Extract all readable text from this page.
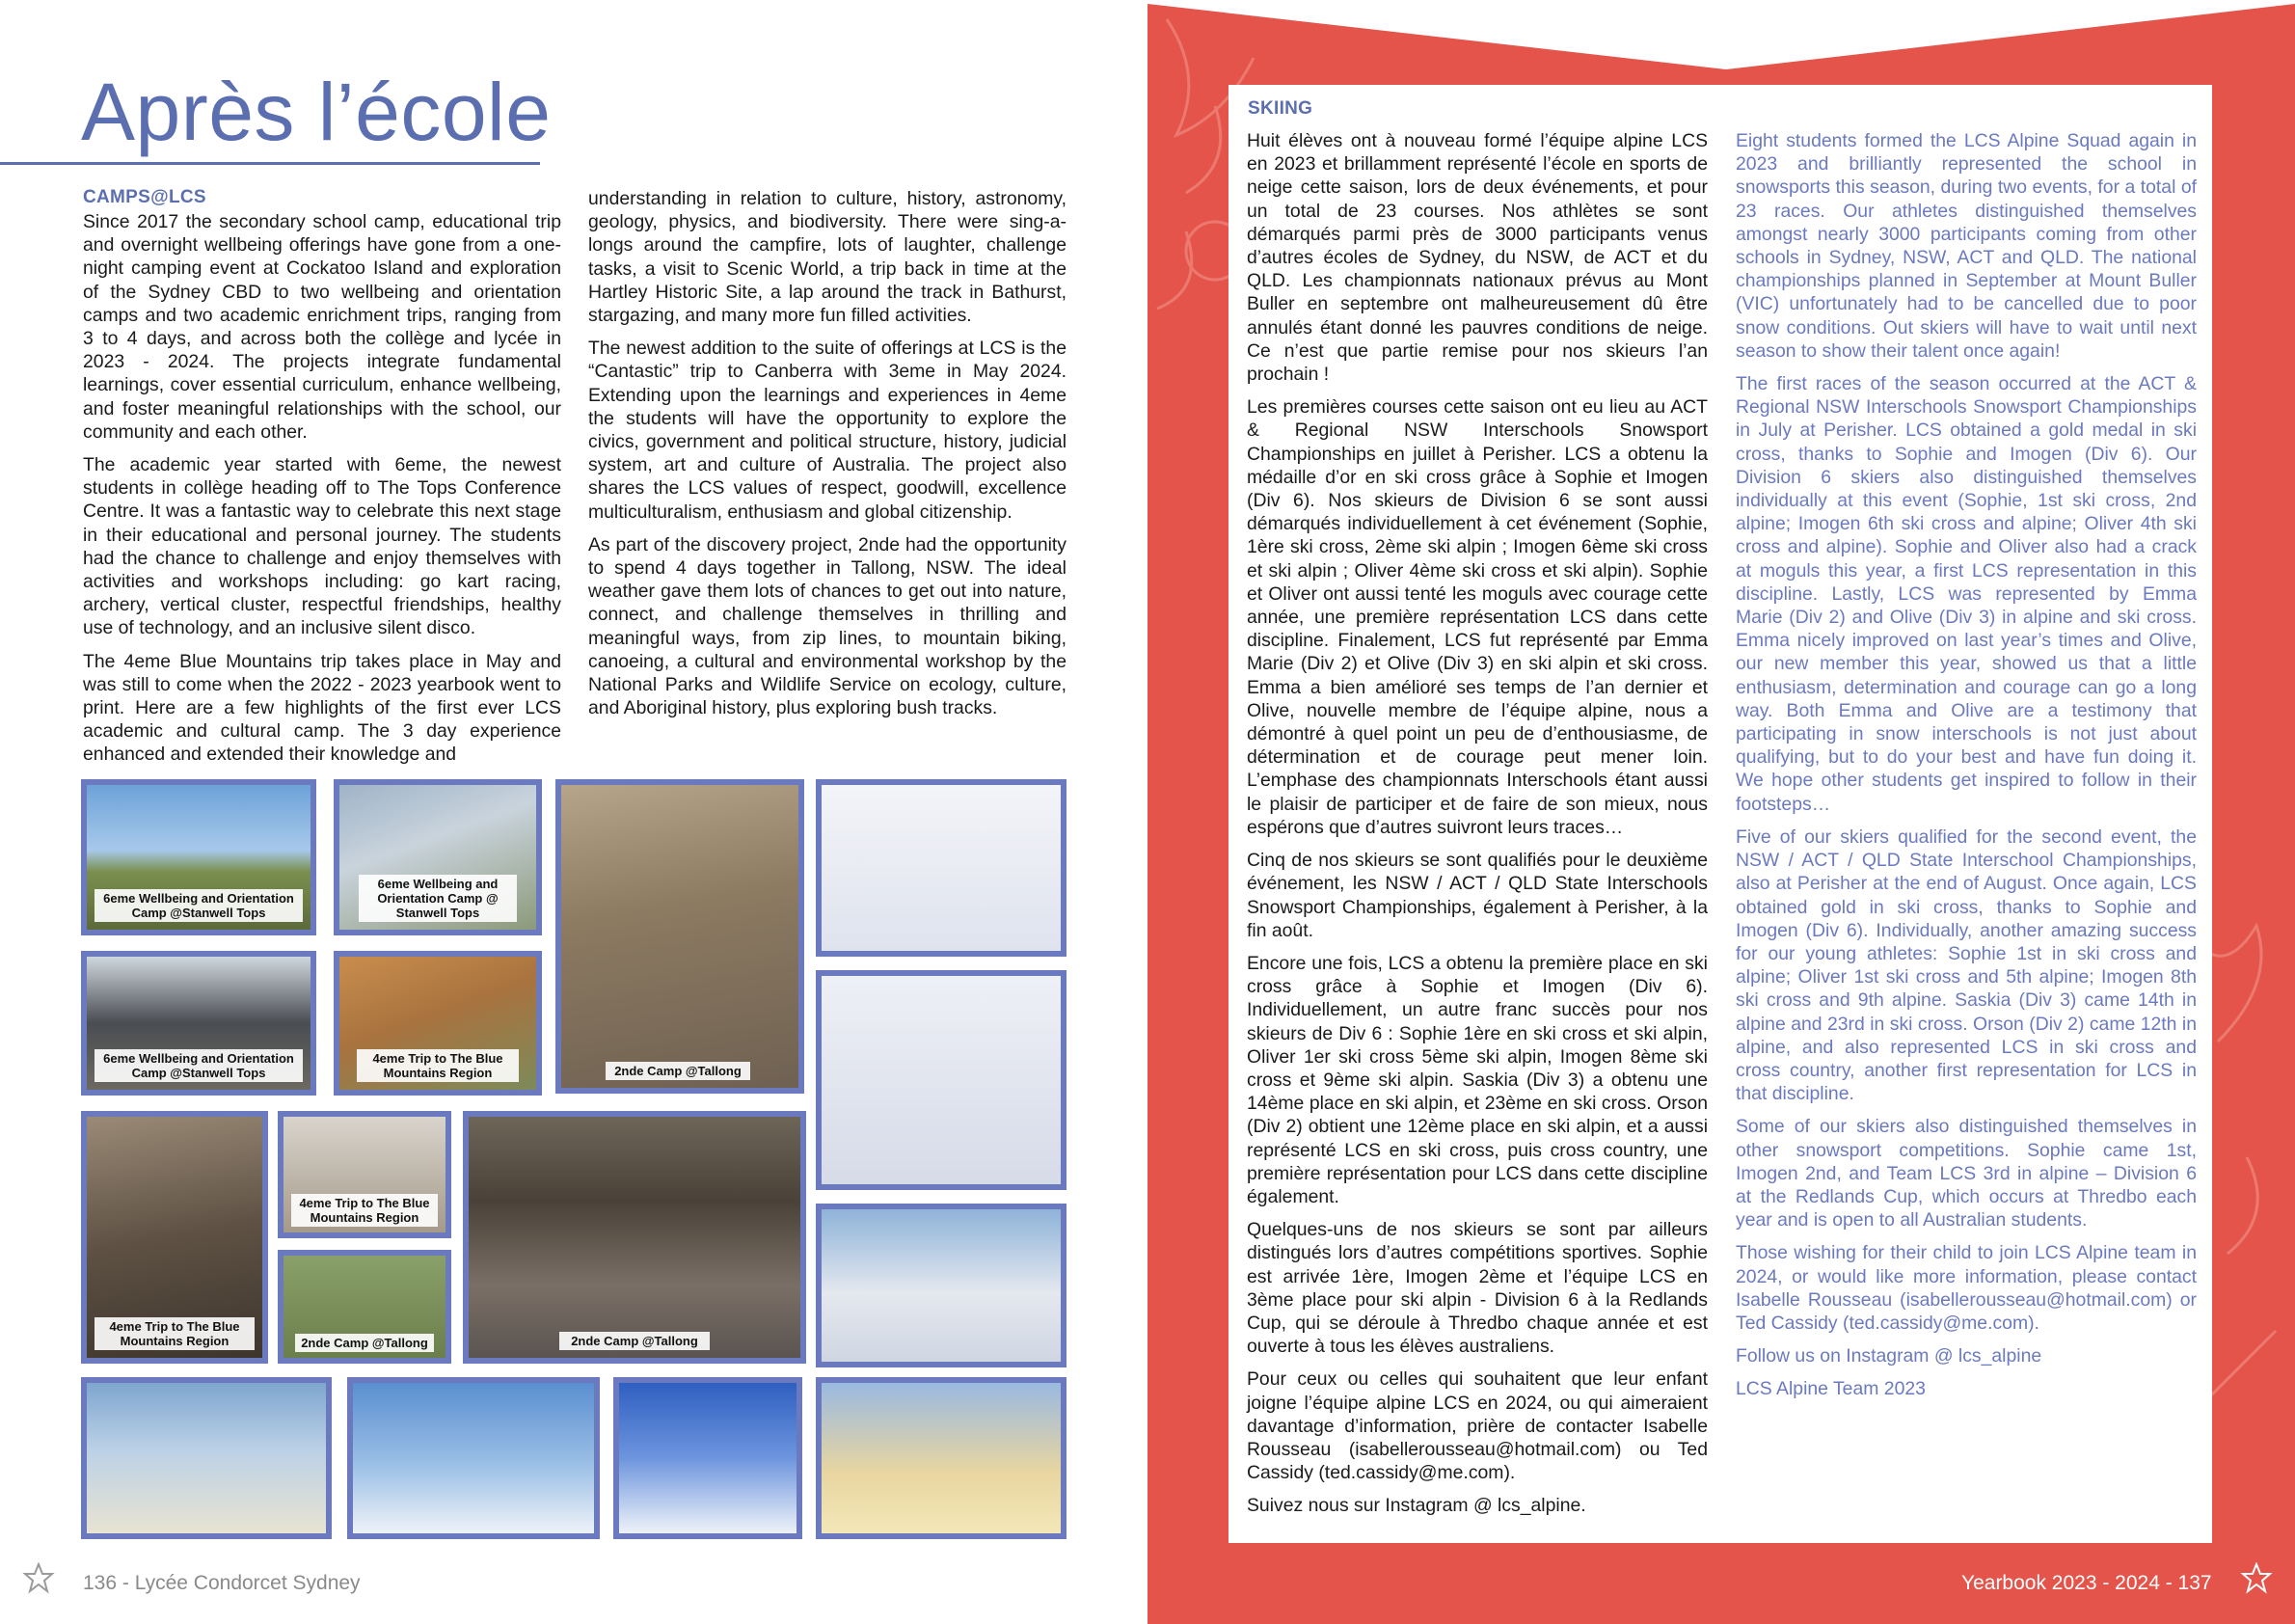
Après l’école
CAMPS@LCS

Since 2017 the secondary school camp, educational trip and overnight wellbeing offerings have gone from a one-night camping event at Cockatoo Island and exploration of the Sydney CBD to two wellbeing and orientation camps and two academic enrichment trips, ranging from 3 to 4 days, and across both the collège and lycée in 2023 - 2024. The projects integrate fundamental learnings, cover essential curriculum, enhance wellbeing, and foster meaningful relationships with the school, our community and each other.

The academic year started with 6eme, the newest students in collège heading off to The Tops Conference Centre. It was a fantastic way to celebrate this next stage in their educational and personal journey. The students had the chance to challenge and enjoy themselves with activities and workshops including: go kart racing, archery, vertical cluster, respectful friendships, healthy use of technology, and an inclusive silent disco.

The 4eme Blue Mountains trip takes place in May and was still to come when the 2022 - 2023 yearbook went to print. Here are a few highlights of the first ever LCS academic and cultural camp. The 3 day experience enhanced and extended their knowledge and

understanding in relation to culture, history, astronomy, geology, physics, and biodiversity. There were sing-a-longs around the campfire, lots of laughter, challenge tasks, a visit to Scenic World, a trip back in time at the Hartley Historic Site, a lap around the track in Bathurst, stargazing, and many more fun filled activities.

The newest addition to the suite of offerings at LCS is the “Cantastic” trip to Canberra with 3eme in May 2024. Extending upon the learnings and experiences in 4eme the students will have the opportunity to explore the civics, government and political structure, history, judicial system, art and culture of Australia. The project also shares the LCS values of respect, goodwill, excellence multiculturalism, enthusiasm and global citizenship.

As part of the discovery project, 2nde had the opportunity to spend 4 days together in Tallong, NSW. The ideal weather gave them lots of chances to get out into nature, connect, and challenge themselves in thrilling and meaningful ways, from zip lines, to mountain biking, canoeing, a cultural and environmental workshop by the National Parks and Wildlife Service on ecology, culture, and Aboriginal history, plus exploring bush tracks.

6eme Wellbeing and Orientation Camp @Stanwell Tops
6eme Wellbeing and Orientation Camp @ Stanwell Tops
2nde Camp @Tallong
6eme Wellbeing and Orientation Camp @Stanwell Tops
4eme Trip to The Blue Mountains Region
4eme Trip to The Blue Mountains Region
4eme Trip to The Blue Mountains Region
2nde Camp @Tallong	2nde Camp @Tallong
136 - Lycée Condorcet Sydney
SKIING

Huit élèves ont à nouveau formé l’équipe alpine LCS en 2023 et brillamment représenté l’école en sports de neige cette saison, lors de deux événements, et pour un total de 23 courses. Nos athlètes se sont démarqués parmi près de 3000 participants venus d’autres écoles de Sydney, du NSW, de ACT et du QLD. Les championnats nationaux prévus au Mont Buller en septembre ont malheureusement dû être annulés étant donné les pauvres conditions de neige. Ce n’est que partie remise pour nos skieurs l’an prochain !

Les premières courses cette saison ont eu lieu au ACT & Regional NSW Interschools Snowsport Championships en juillet à Perisher. LCS a obtenu la médaille d’or en ski cross grâce à Sophie et Imogen (Div 6). Nos skieurs de Division 6 se sont aussi démarqués individuellement à cet événement (Sophie, 1ère ski cross, 2ème ski alpin ; Imogen 6ème ski cross et ski alpin ; Oliver 4ème ski cross et ski alpin). Sophie et Oliver ont aussi tenté les moguls avec courage cette année, une première représentation LCS dans cette discipline. Finalement, LCS fut représenté par Emma Marie (Div 2) et Olive (Div 3) en ski alpin et ski cross. Emma a bien amélioré ses temps de l’an dernier et Olive, nouvelle membre de l’équipe alpine, nous a démontré à quel point un peu de d’enthousiasme, de détermination et de courage peut mener loin. L’emphase des championnats Interschools étant aussi le plaisir de participer et de faire de son mieux, nous espérons que d’autres suivront leurs traces…

Cinq de nos skieurs se sont qualifiés pour le deuxième événement, les NSW / ACT / QLD State Interschools Snowsport Championships, également à Perisher, à la fin août.

Encore une fois, LCS a obtenu la première place en ski cross grâce à Sophie et Imogen (Div 6). Individuellement, un autre franc succès pour nos skieurs de Div 6 : Sophie 1ère en ski cross et ski alpin, Oliver 1er ski cross 5ème ski alpin, Imogen 8ème ski cross et 9ème ski alpin. Saskia (Div 3) a obtenu une 14ème place en ski alpin, et 23ème en ski cross. Orson (Div 2) obtient une 12ème place en ski alpin, et a aussi représenté LCS en ski cross, puis cross country, une première représentation pour LCS dans cette discipline également.

Quelques-uns de nos skieurs se sont par ailleurs distingués lors d’autres compétitions sportives. Sophie est arrivée 1ère, Imogen 2ème et l’équipe LCS en 3ème place pour ski alpin - Division 6 à la Redlands Cup, qui se déroule à Thredbo chaque année et est ouverte à tous les élèves australiens.

Pour ceux ou celles qui souhaitent que leur enfant joigne l’équipe alpine LCS en 2024, ou qui aimeraient davantage d’information, prière de contacter Isabelle Rousseau (isabellerousseau@hotmail.com) ou Ted Cassidy (ted.cassidy@me.com).

Suivez nous sur Instagram @ lcs_alpine.

Eight students formed the LCS Alpine Squad again in 2023 and brilliantly represented the school in snowsports this season, during two events, for a total of 23 races. Our athletes distinguished themselves amongst nearly 3000 participants coming from other schools in Sydney, NSW, ACT and QLD. The national championships planned in September at Mount Buller (VIC) unfortunately had to be cancelled due to poor snow conditions. Out skiers will have to wait until next season to show their talent once again!

The first races of the season occurred at the ACT & Regional NSW Interschools Snowsport Championships in July at Perisher. LCS obtained a gold medal in ski cross, thanks to Sophie and Imogen (Div 6). Our Division 6 skiers also distinguished themselves individually at this event (Sophie, 1st ski cross, 2nd alpine; Imogen 6th ski cross and alpine; Oliver 4th ski cross and alpine). Sophie and Oliver also had a crack at moguls this year, a first LCS representation in this discipline. Lastly, LCS was represented by Emma Marie (Div 2) and Olive (Div 3) in alpine and ski cross. Emma nicely improved on last year’s times and Olive, our new member this year, showed us that a little enthusiasm, determination and courage can go a long way. Both Emma and Olive are a testimony that participating in snow interschools is not just about qualifying, but to do your best and have fun doing it. We hope other students get inspired to follow in their footsteps…

Five of our skiers qualified for the second event, the NSW / ACT / QLD State Interschool Championships, also at Perisher at the end of August. Once again, LCS obtained gold in ski cross, thanks to Sophie and Imogen (Div 6). Individually, another amazing success for our young athletes: Sophie 1st in ski cross and alpine; Oliver 1st ski cross and 5th alpine; Imogen 8th ski cross and 9th alpine. Saskia (Div 3) came 14th in alpine and 23rd in ski cross. Orson (Div 2) came 12th in alpine, and also represented LCS in ski cross and cross country, another first representation for LCS in that discipline.

Some of our skiers also distinguished themselves in other snowsport competitions. Sophie came 1st, Imogen 2nd, and Team LCS 3rd in alpine – Division 6 at the Redlands Cup, which occurs at Thredbo each year and is open to all Australian students.

Those wishing for their child to join LCS Alpine team in 2024, or would like more information, please contact Isabelle Rousseau (isabellerousseau@hotmail.com) or Ted Cassidy (ted.cassidy@me.com).

Follow us on Instagram @ lcs_alpine

LCS Alpine Team 2023

Yearbook 2023 - 2024 - 137
